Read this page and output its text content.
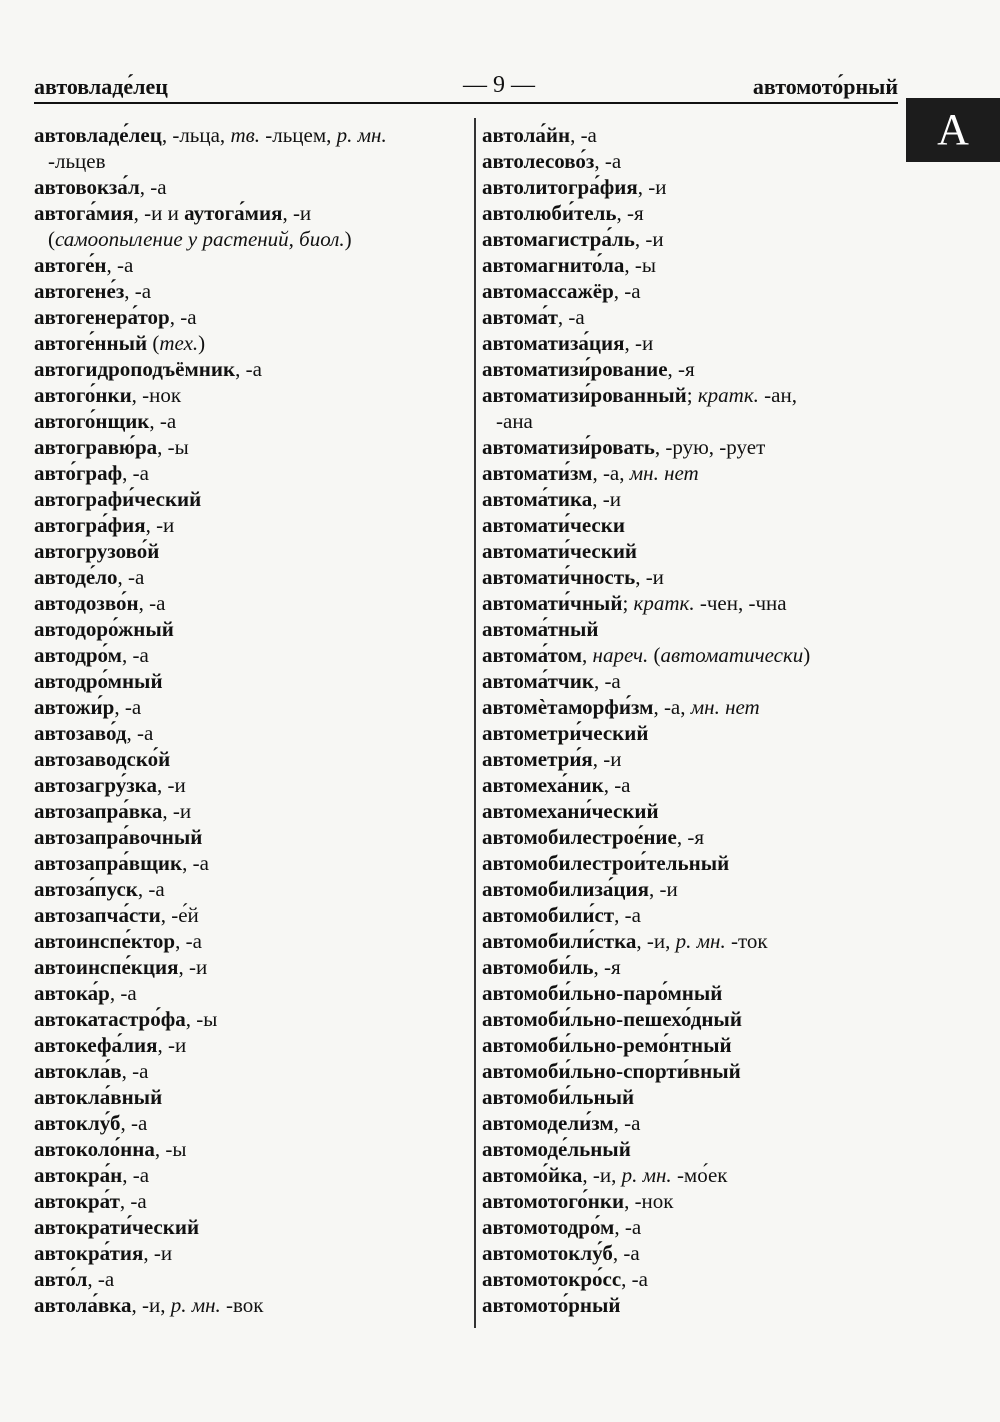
автовладе́лец	— 9 —	автомото́рный
А
автовладе́лец, -льца, тв. -льцем, р. мн.
-льцев
автовокза́л, -а
автога́мия, -и и аутога́мия, -и
(самоопыление у растений, биол.)
автоге́н, -а
автогене́з, -а
автогенера́тор, -а
автоге́нный (тех.)
автогидроподъёмник, -а
автого́нки, -нок
автого́нщик, -а
автогравю́ра, -ы
авто́граф, -а
автографи́ческий
автогра́фия, -и
автогрузово́й
автоде́ло, -а
автодозво́н, -а
автодоро́жный
автодро́м, -а
автодро́мный
автожи́р, -а
автозаво́д, -а
автозаводско́й
автозагру́зка, -и
автозапра́вка, -и
автозапра́вочный
автозапра́вщик, -а
автоза́пуск, -а
автозапча́сти, -е́й
автоинспе́ктор, -а
автоинспе́кция, -и
автока́р, -а
автокатастро́фа, -ы
автокефа́лия, -и
автокла́в, -а
автокла́вный
автоклу́б, -а
автоколо́нна, -ы
автокра́н, -а
автокра́т, -а
автократи́ческий
автокра́тия, -и
авто́л, -а
автола́вка, -и, р. мн. -вок
автола́йн, -а
автолесово́з, -а
автолитогра́фия, -и
автолюби́тель, -я
автомагистра́ль, -и
автомагнито́ла, -ы
автомассажёр, -а
автома́т, -а
автоматиза́ция, -и
автоматизи́рование, -я
автоматизи́рованный; кратк. -ан,
-ана
автоматизи́ровать, -рую, -рует
автомати́зм, -а, мн. нет
автома́тика, -и
автомати́чески
автомати́ческий
автомати́чность, -и
автомати́чный; кратк. -чен, -чна
автома́тный
автома́том, нареч. (автоматически)
автома́тчик, -а
автомѐтаморфи́зм, -а, мн. нет
автометри́ческий
автометри́я, -и
автомеха́ник, -а
автомехани́ческий
автомобилестрое́ние, -я
автомобилестрои́тельный
автомобилиза́ция, -и
автомобили́ст, -а
автомобили́стка, -и, р. мн. -ток
автомоби́ль, -я
автомоби́льно-паро́мный
автомоби́льно-пешехо́дный
автомоби́льно-ремо́нтный
автомоби́льно-спорти́вный
автомоби́льный
автомодели́зм, -а
автомоде́льный
автомо́йка, -и, р. мн. -мо́ек
автомотого́нки, -нок
автомотодро́м, -а
автомотоклу́б, -а
автомотокро́сс, -а
автомото́рный
